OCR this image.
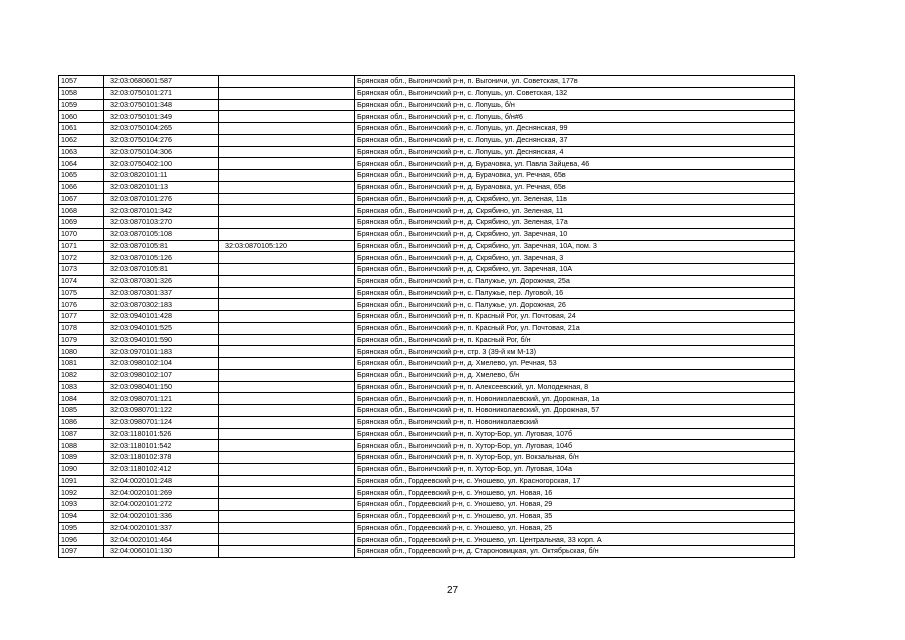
1057	32:03:0680601:587		Брянская обл., Выгоничский р-н, п. Выгоничи, ул. Советская, 177в
1058	32:03:0750101:271		Брянская обл., Выгоничский р-н, с. Лопушь, ул. Советская, 132
1059	32:03:0750101:348		Брянская обл., Выгоничский р-н, с. Лопушь, б/н
1060	32:03:0750101:349		Брянская обл., Выгоничский р-н, с. Лопушь, б/н#6
1061	32:03:0750104:265		Брянская обл., Выгоничский р-н, с. Лопушь, ул. Деснянская, 99
1062	32:03:0750104:276		Брянская обл., Выгоничский р-н, с. Лопушь, ул. Деснянская, 37
1063	32:03:0750104:306		Брянская обл., Выгоничский р-н, с. Лопушь, ул. Деснянская, 4
1064	32:03:0750402:100		Брянская обл., Выгоничский р-н, д. Бурачовка, ул. Павла Зайцева, 46
1065	32:03:0820101:11		Брянская обл., Выгоничский р-н, д. Бурачовка, ул. Речная, 65в
1066	32:03:0820101:13		Брянская обл., Выгоничский р-н, д. Бурачовка, ул. Речная, 65в
1067	32:03:0870101:276		Брянская обл., Выгоничский р-н, д. Скрябино, ул. Зеленая, 11в
1068	32:03:0870101:342		Брянская обл., Выгоничский р-н, д. Скрябино, ул. Зеленая, 11
1069	32:03:0870103:270		Брянская обл., Выгоничский р-н, д. Скрябино, ул. Зеленая, 17а
1070	32:03:0870105:108		Брянская обл., Выгоничский р-н, д. Скрябино, ул. Заречная, 10
1071	32:03:0870105:81	32:03:0870105:120	Брянская обл., Выгоничский р-н, д. Скрябино, ул. Заречная, 10А, пом. 3
1072	32:03:0870105:126		Брянская обл., Выгоничский р-н, д. Скрябино, ул. Заречная, 3
1073	32:03:0870105:81		Брянская обл., Выгоничский р-н, д. Скрябино, ул. Заречная, 10А
1074	32:03:0870301:326		Брянская обл., Выгоничский р-н, с. Палужье, ул. Дорожная, 25а
1075	32:03:0870301:337		Брянская обл., Выгоничский р-н, с. Палужье, пер. Луговой, 16
1076	32:03:0870302:183		Брянская обл., Выгоничский р-н, с. Палужье, ул. Дорожная, 26
1077	32:03:0940101:428		Брянская обл., Выгоничский р-н, п. Красный Рог, ул. Почтовая, 24
1078	32:03:0940101:525		Брянская обл., Выгоничский р-н, п. Красный Рог, ул. Почтовая, 21а
1079	32:03:0940101:590		Брянская обл., Выгоничский р-н, п. Красный Рог, б/н
1080	32:03:0970101:183		Брянская обл., Выгоничский р-н, стр. 3 (39-й км М-13)
1081	32:03:0980102:104		Брянская обл., Выгоничский р-н, д. Хмелево, ул. Речная, 53
1082	32:03:0980102:107		Брянская обл., Выгоничский р-н, д. Хмелево, б/н
1083	32:03:0980401:150		Брянская обл., Выгоничский р-н, п. Алексеевский, ул. Молодежная, 8
1084	32:03:0980701:121		Брянская обл., Выгоничский р-н, п. Новониколаевский, ул. Дорожная, 1а
1085	32:03:0980701:122		Брянская обл., Выгоничский р-н, п. Новониколаевский, ул. Дорожная, 57
1086	32:03:0980701:124		Брянская обл., Выгоничский р-н, п. Новониколаевский
1087	32:03:1180101:526		Брянская обл., Выгоничский р-н, п. Хутор-Бор, ул. Луговая, 107б
1088	32:03:1180101:542		Брянская обл., Выгоничский р-н, п. Хутор-Бор, ул. Луговая, 104б
1089	32:03:1180102:378		Брянская обл., Выгоничский р-н, п. Хутор-Бор, ул. Вокзальная, б/н
1090	32:03:1180102:412		Брянская обл., Выгоничский р-н, п. Хутор-Бор, ул. Луговая, 104а
1091	32:04:0020101:248		Брянская обл., Гордеевский р-н, с. Уношево, ул. Красногорская, 17
1092	32:04:0020101:269		Брянская обл., Гордеевский р-н, с. Уношево, ул. Новая, 16
1093	32:04:0020101:272		Брянская обл., Гордеевский р-н, с. Уношево, ул. Новая, 29
1094	32:04:0020101:336		Брянская обл., Гордеевский р-н, с. Уношево, ул. Новая, 35
1095	32:04:0020101:337		Брянская обл., Гордеевский р-н, с. Уношево, ул. Новая, 25
1096	32:04:0020101:464		Брянская обл., Гордеевский р-н, с. Уношево, ул. Центральная, 33 корп. А
1097	32:04:0060101:130		Брянская обл., Гордеевский р-н, д. Староновицкая, ул. Октябрьская, б/н
27
